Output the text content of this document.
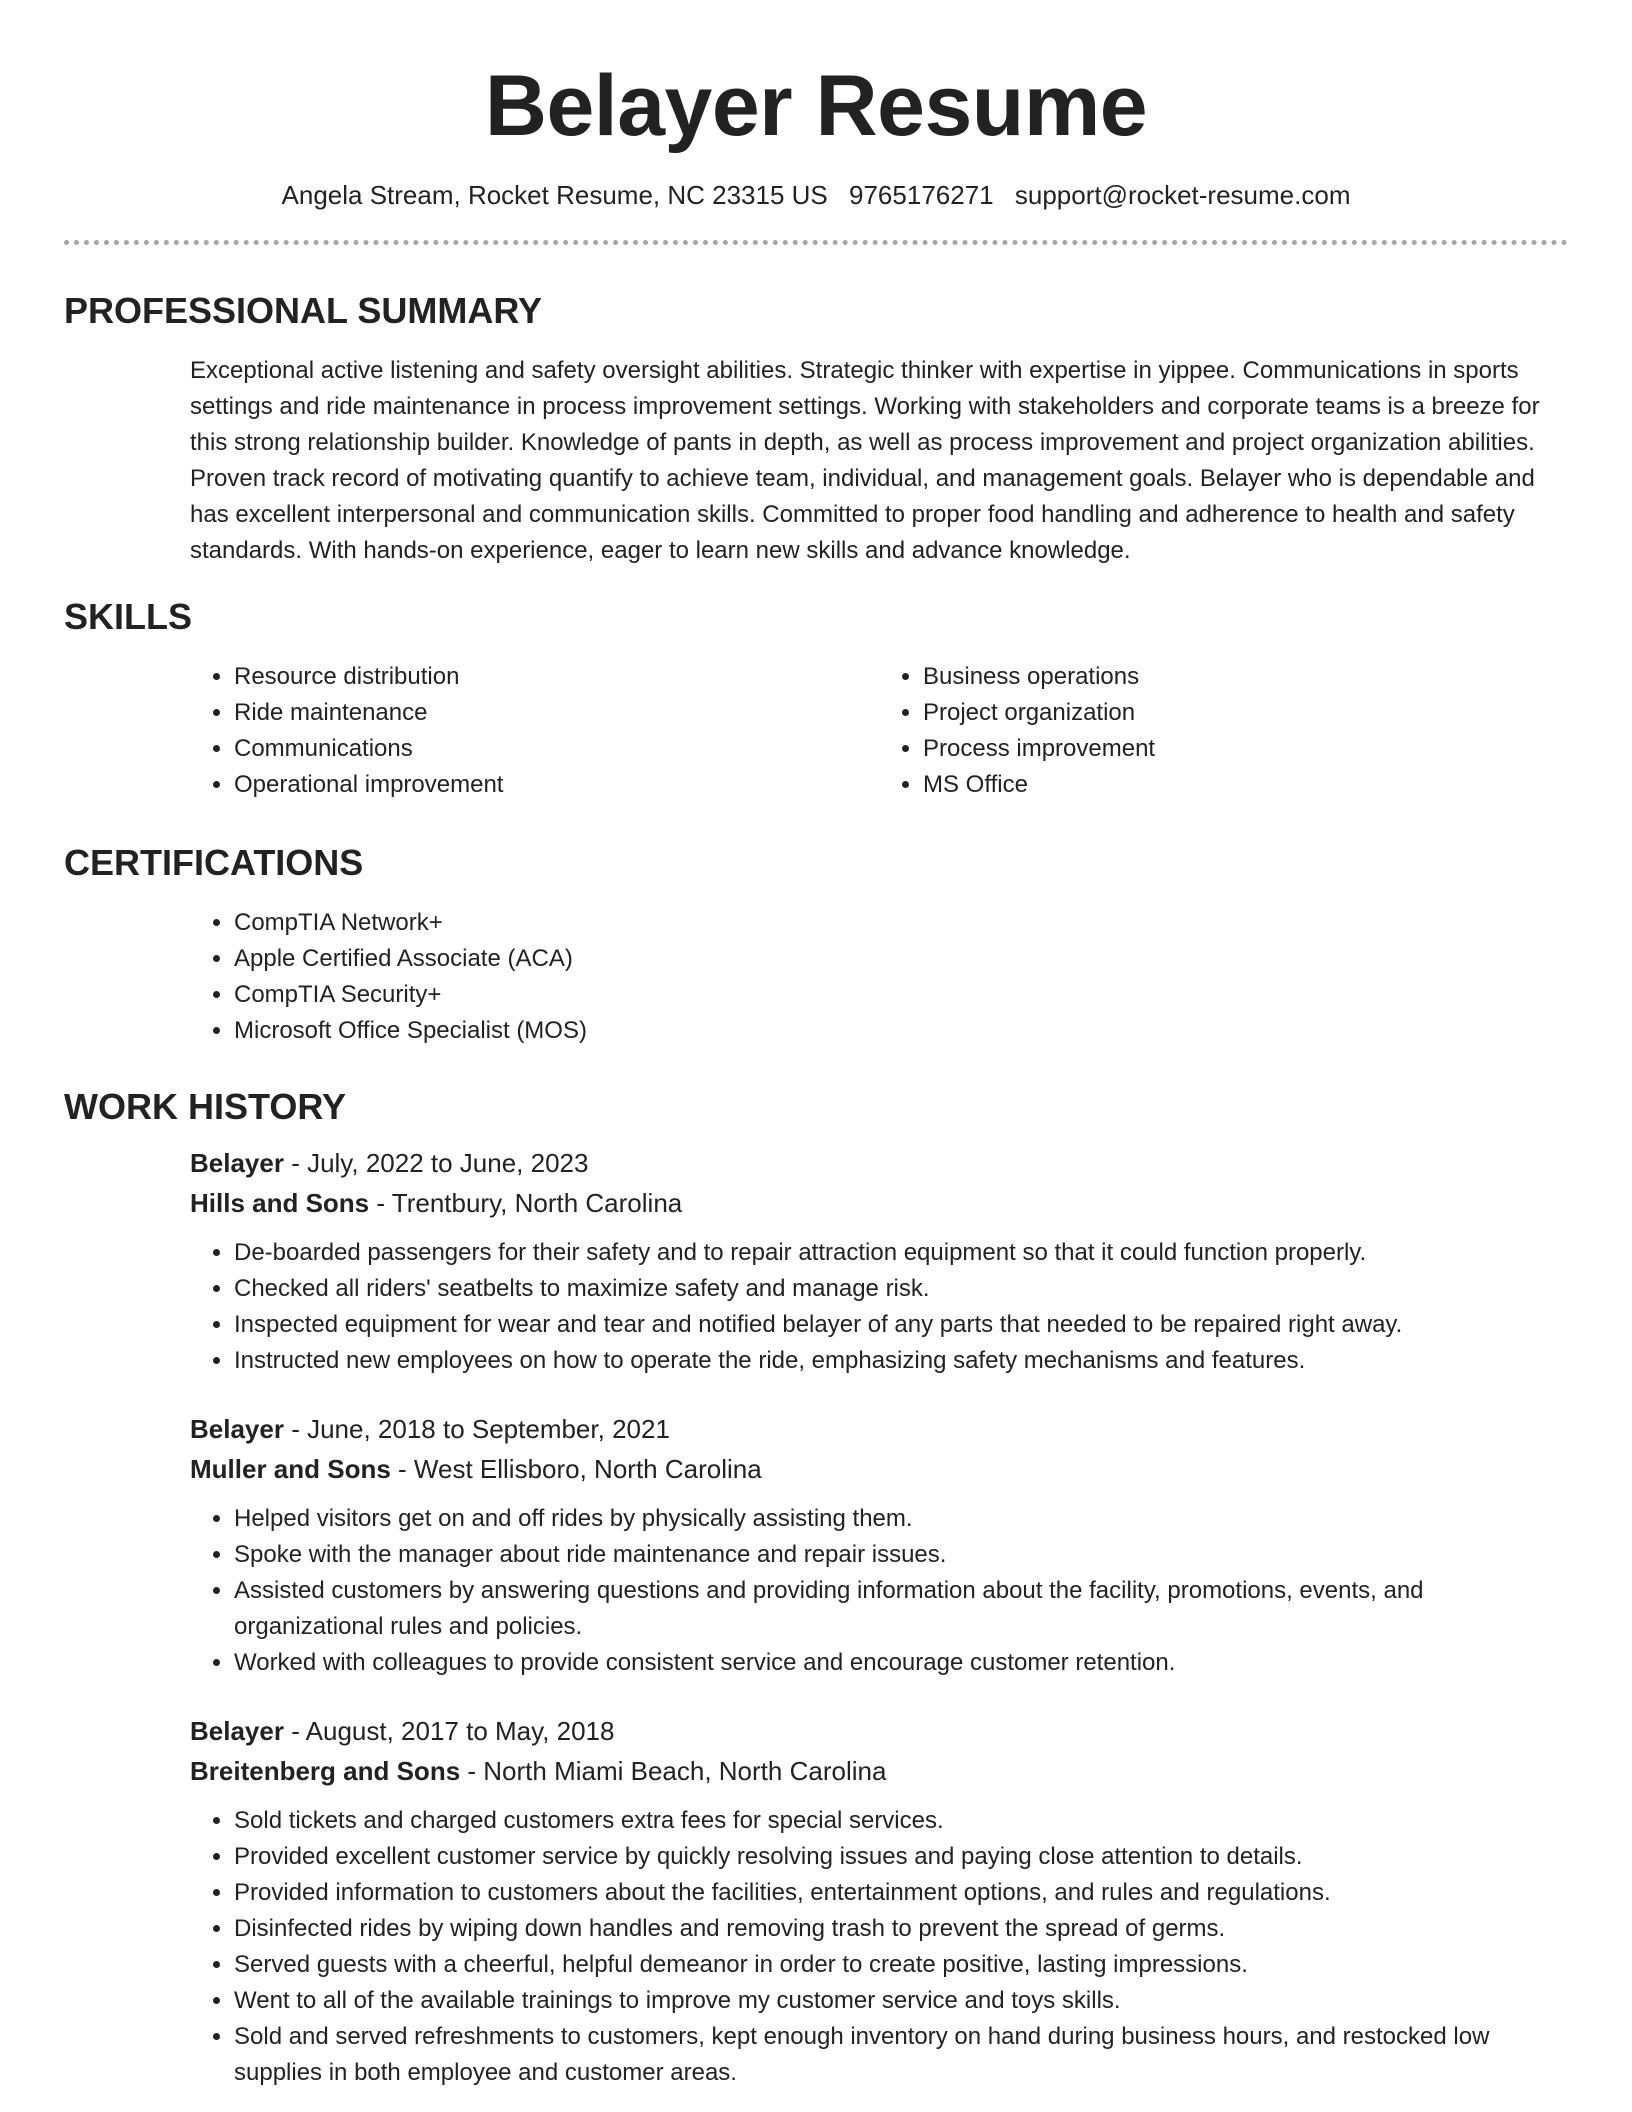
Belayer Resume
Angela Stream, Rocket Resume, NC 23315 US 9765176271 support@rocket-resume.com
PROFESSIONAL SUMMARY

Exceptional active listening and safety oversight abilities. Strategic thinker with expertise in yippee. Communications in sports settings and ride maintenance in process improvement settings. Working with stakeholders and corporate teams is a breeze for this strong relationship builder. Knowledge of pants in depth, as well as process improvement and project organization abilities. Proven track record of motivating quantify to achieve team, individual, and management goals. Belayer who is dependable and has excellent interpersonal and communication skills. Committed to proper food handling and adherence to health and safety standards. With hands-on experience, eager to learn new skills and advance knowledge.

SKILLS
• Resource distribution
• Ride maintenance
• Communications
• Operational improvement
• Business operations
• Project organization
• Process improvement
• MS Office
CERTIFICATIONS
• CompTIA Network+
• Apple Certified Associate (ACA)
• CompTIA Security+
• Microsoft Office Specialist (MOS)
WORK HISTORY
Belayer - July, 2022 to June, 2023
Hills and Sons - Trentbury, North Carolina
• De-boarded passengers for their safety and to repair attraction equipment so that it could function properly.
• Checked all riders' seatbelts to maximize safety and manage risk.
• Inspected equipment for wear and tear and notified belayer of any parts that needed to be repaired right away.
• Instructed new employees on how to operate the ride, emphasizing safety mechanisms and features.
Belayer - June, 2018 to September, 2021
Muller and Sons - West Ellisboro, North Carolina
• Helped visitors get on and off rides by physically assisting them.
• Spoke with the manager about ride maintenance and repair issues.
• Assisted customers by answering questions and providing information about the facility, promotions, events, and organizational rules and policies.
• Worked with colleagues to provide consistent service and encourage customer retention.
Belayer - August, 2017 to May, 2018
Breitenberg and Sons - North Miami Beach, North Carolina
• Sold tickets and charged customers extra fees for special services.
• Provided excellent customer service by quickly resolving issues and paying close attention to details.
• Provided information to customers about the facilities, entertainment options, and rules and regulations.
• Disinfected rides by wiping down handles and removing trash to prevent the spread of germs.
• Served guests with a cheerful, helpful demeanor in order to create positive, lasting impressions.
• Went to all of the available trainings to improve my customer service and toys skills.
• Sold and served refreshments to customers, kept enough inventory on hand during business hours, and restocked low supplies in both employee and customer areas.
